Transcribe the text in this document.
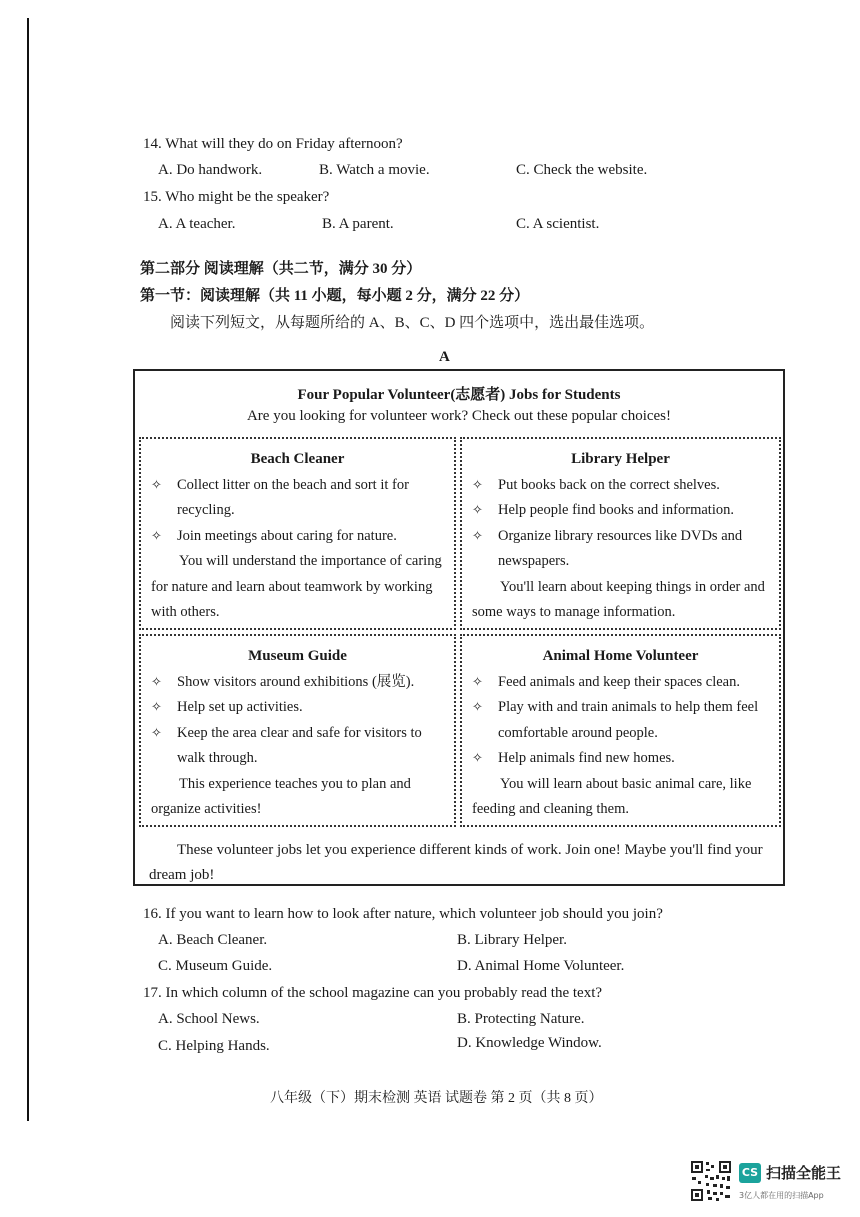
14. What will they do on Friday afternoon?
A. Do handwork.	B. Watch a movie.	C. Check the website.
15. Who might be the speaker?
A. A teacher.	B. A parent.	C. A scientist.
第二部分 阅读理解（共二节，满分 30 分）
第一节：阅读理解（共 11 小题，每小题 2 分，满分 22 分）
阅读下列短文，从每题所给的 A、B、C、D 四个选项中，选出最佳选项。
A
Four Popular Volunteer(志愿者) Jobs for Students
Are you looking for volunteer work? Check out these popular choices!
Beach Cleaner
✧	Collect litter on the beach and sort it for recycling.
✧	Join meetings about caring for nature.
You will understand the importance of caring for nature and learn about teamwork by working with others.
Library Helper
✧	Put books back on the correct shelves.
✧	Help people find books and information.
✧	Organize library resources like DVDs and newspapers.
You'll learn about keeping things in order and some ways to manage information.
Museum Guide
✧	Show visitors around exhibitions (展览).
✧	Help set up activities.
✧	Keep the area clear and safe for visitors to walk through.
This experience teaches you to plan and organize activities!
Animal Home Volunteer
✧	Feed animals and keep their spaces clean.
✧	Play with and train animals to help them feel comfortable around people.
✧	Help animals find new homes.
You will learn about basic animal care, like feeding and cleaning them.
These volunteer jobs let you experience different kinds of work. Join one! Maybe you'll find your dream job!
16. If you want to learn how to look after nature, which volunteer job should you join?
A. Beach Cleaner.	B. Library Helper.
C. Museum Guide.	D. Animal Home Volunteer.
17. In which column of the school magazine can you probably read the text?
A. School News.	B. Protecting Nature.
C. Helping Hands.	D. Knowledge Window.
八年级（下）期末检测 英语 试题卷 第 2 页（共 8 页）
CS 扫描全能王
3亿人都在用的扫描App
